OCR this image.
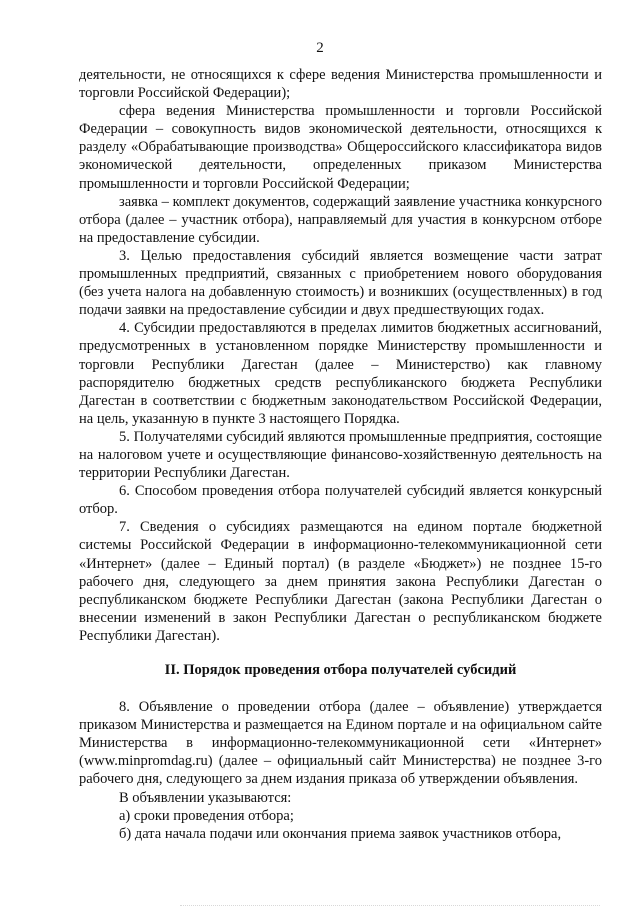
2

деятельности, не относящихся к сфере ведения Министерства промышленности и торговли Российской Федерации);

сфера ведения Министерства промышленности и торговли Российской Федерации – совокупность видов экономической деятельности, относящихся к разделу «Обрабатывающие производства» Общероссийского классификатора видов экономической деятельности, определенных приказом Министерства промышленности и торговли Российской Федерации;

заявка – комплект документов, содержащий заявление участника конкурсного отбора (далее – участник отбора), направляемый для участия в конкурсном отборе на предоставление субсидии.

3. Целью предоставления субсидий является возмещение части затрат промышленных предприятий, связанных с приобретением нового оборудования (без учета налога на добавленную стоимость) и возникших (осуществленных) в год подачи заявки на предоставление субсидии и двух предшествующих годах.

4. Субсидии предоставляются в пределах лимитов бюджетных ассигнований, предусмотренных в установленном порядке Министерству промышленности и торговли Республики Дагестан (далее – Министерство) как главному распорядителю бюджетных средств республиканского бюджета Республики Дагестан в соответствии с бюджетным законодательством Российской Федерации, на цель, указанную в пункте 3 настоящего Порядка.

5. Получателями субсидий являются промышленные предприятия, состоящие на налоговом учете и осуществляющие финансово-хозяйственную деятельность на территории Республики Дагестан.

6. Способом проведения отбора получателей субсидий является конкурсный отбор.

7. Сведения о субсидиях размещаются на едином портале бюджетной системы Российской Федерации в информационно-телекоммуникационной сети «Интернет» (далее – Единый портал) (в разделе «Бюджет») не позднее 15-го рабочего дня, следующего за днем принятия закона Республики Дагестан о республиканском бюджете Республики Дагестан (закона Республики Дагестан о внесении изменений в закон Республики Дагестан о республиканском бюджете Республики Дагестан).

II. Порядок проведения отбора получателей субсидий

8. Объявление о проведении отбора (далее – объявление) утверждается приказом Министерства и размещается на Едином портале и на официальном сайте Министерства в информационно-телекоммуникационной сети «Интернет» (www.minpromdag.ru) (далее – официальный сайт Министерства) не позднее 3-го рабочего дня, следующего за днем издания приказа об утверждении объявления.

В объявлении указываются:

а) сроки проведения отбора;

б) дата начала подачи или окончания приема заявок участников отбора,
